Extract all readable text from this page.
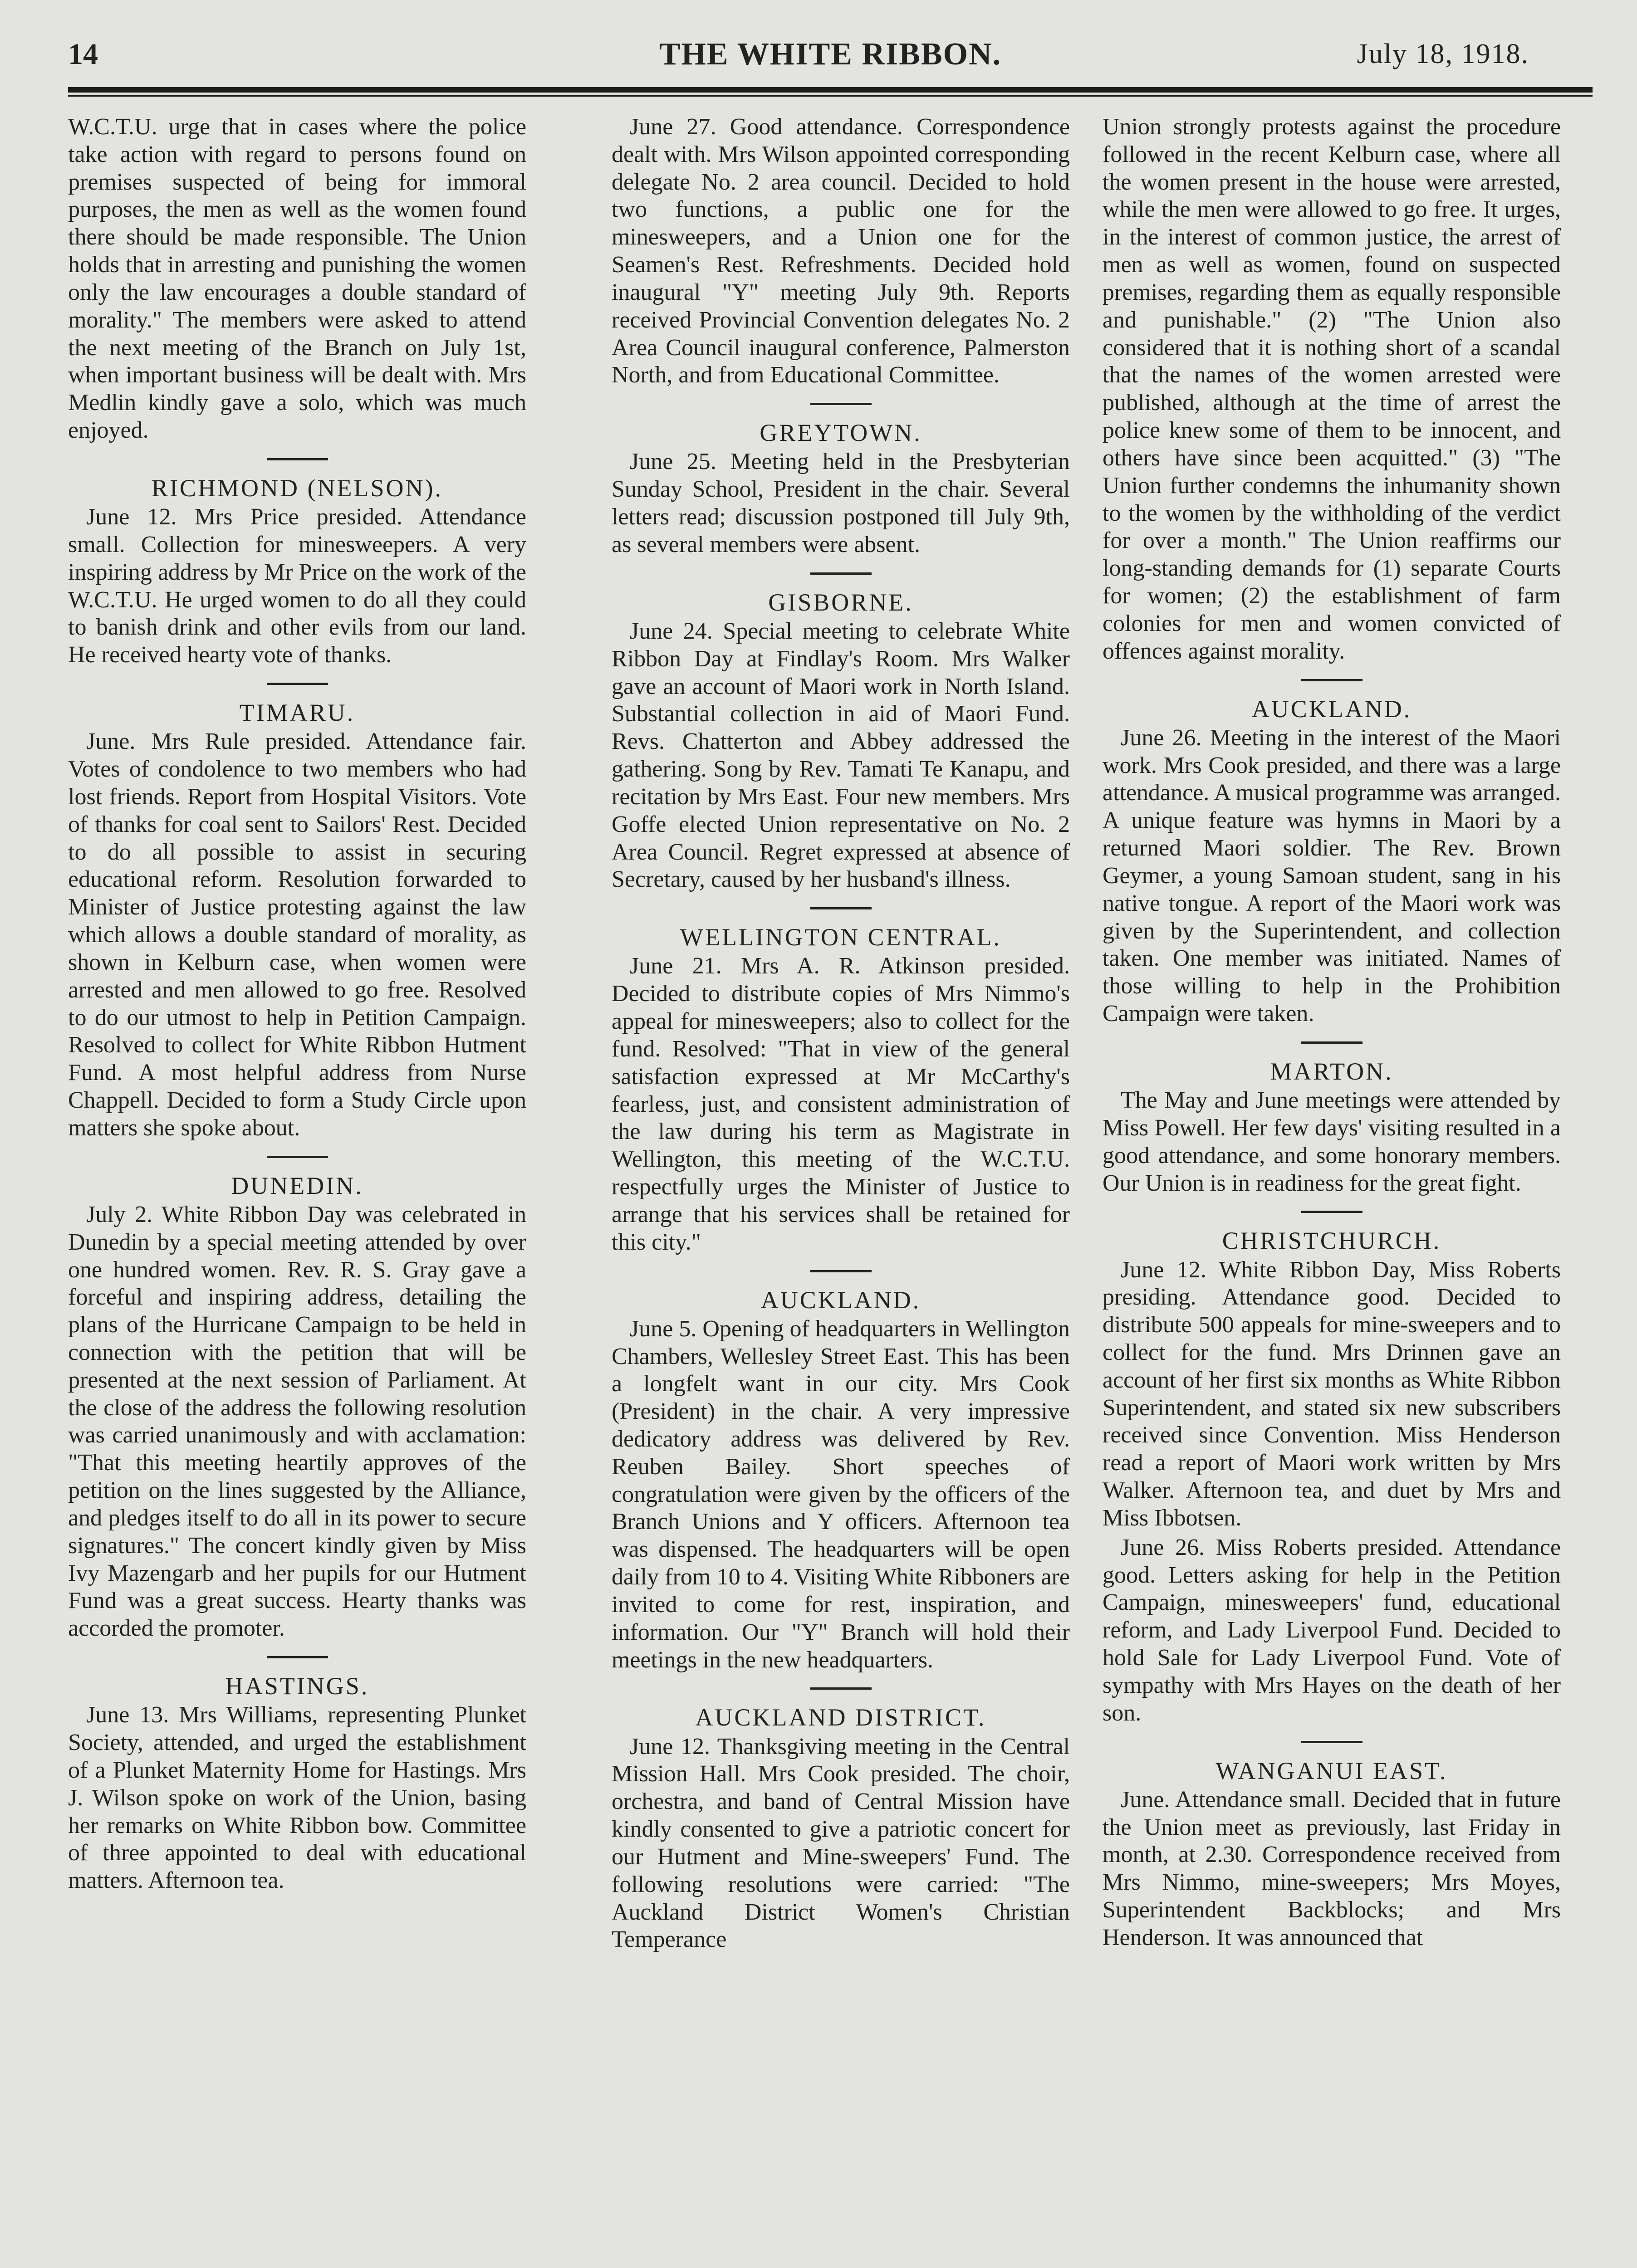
14	THE WHITE RIBBON.	July 18, 1918.

W.C.T.U. urge that in cases where the police take action with regard to persons found on premises suspected of being for immoral purposes, the men as well as the women found there should be made responsible. The Union holds that in arresting and punishing the women only the law encourages a double standard of morality." The members were asked to attend the next meeting of the Branch on July 1st, when important business will be dealt with. Mrs Medlin kindly gave a solo, which was much enjoyed.

RICHMOND (NELSON).

June 12. Mrs Price presided. Attendance small. Collection for minesweepers. A very inspiring address by Mr Price on the work of the W.C.T.U. He urged women to do all they could to banish drink and other evils from our land. He received hearty vote of thanks.

TIMARU.

June. Mrs Rule presided. Attendance fair. Votes of condolence to two members who had lost friends. Report from Hospital Visitors. Vote of thanks for coal sent to Sailors' Rest. Decided to do all possible to assist in securing educational reform. Resolution forwarded to Minister of Justice protesting against the law which allows a double standard of morality, as shown in Kelburn case, when women were arrested and men allowed to go free. Resolved to do our utmost to help in Petition Campaign. Resolved to collect for White Ribbon Hutment Fund. A most helpful address from Nurse Chappell. Decided to form a Study Circle upon matters she spoke about.

DUNEDIN.

July 2. White Ribbon Day was celebrated in Dunedin by a special meeting attended by over one hundred women. Rev. R. S. Gray gave a forceful and inspiring address, detailing the plans of the Hurricane Campaign to be held in connection with the petition that will be presented at the next session of Parliament. At the close of the address the following resolution was carried unanimously and with acclamation: "That this meeting heartily approves of the petition on the lines suggested by the Alliance, and pledges itself to do all in its power to secure signatures." The concert kindly given by Miss Ivy Mazengarb and her pupils for our Hutment Fund was a great success. Hearty thanks was accorded the promoter.

HASTINGS.

June 13. Mrs Williams, representing Plunket Society, attended, and urged the establishment of a Plunket Maternity Home for Hastings. Mrs J. Wilson spoke on work of the Union, basing her remarks on White Ribbon bow. Committee of three appointed to deal with educational matters. Afternoon tea.

June 27. Good attendance. Correspondence dealt with. Mrs Wilson appointed corresponding delegate No. 2 area council. Decided to hold two functions, a public one for the minesweepers, and a Union one for the Seamen's Rest. Refreshments. Decided hold inaugural "Y" meeting July 9th. Reports received Provincial Convention delegates No. 2 Area Council inaugural conference, Palmerston North, and from Educational Committee.

GREYTOWN.

June 25. Meeting held in the Presbyterian Sunday School, President in the chair. Several letters read; discussion postponed till July 9th, as several members were absent.

GISBORNE.

June 24. Special meeting to celebrate White Ribbon Day at Findlay's Room. Mrs Walker gave an account of Maori work in North Island. Substantial collection in aid of Maori Fund. Revs. Chatterton and Abbey addressed the gathering. Song by Rev. Tamati Te Kanapu, and recitation by Mrs East. Four new members. Mrs Goffe elected Union representative on No. 2 Area Council. Regret expressed at absence of Secretary, caused by her husband's illness.

WELLINGTON CENTRAL.

June 21. Mrs A. R. Atkinson presided. Decided to distribute copies of Mrs Nimmo's appeal for minesweepers; also to collect for the fund. Resolved: "That in view of the general satisfaction expressed at Mr McCarthy's fearless, just, and consistent administration of the law during his term as Magistrate in Wellington, this meeting of the W.C.T.U. respectfully urges the Minister of Justice to arrange that his services shall be retained for this city."

AUCKLAND.

June 5. Opening of headquarters in Wellington Chambers, Wellesley Street East. This has been a longfelt want in our city. Mrs Cook (President) in the chair. A very impressive dedicatory address was delivered by Rev. Reuben Bailey. Short speeches of congratulation were given by the officers of the Branch Unions and Y officers. Afternoon tea was dispensed. The headquarters will be open daily from 10 to 4. Visiting White Ribboners are invited to come for rest, inspiration, and information. Our "Y" Branch will hold their meetings in the new headquarters.

AUCKLAND DISTRICT.

June 12. Thanksgiving meeting in the Central Mission Hall. Mrs Cook presided. The choir, orchestra, and band of Central Mission have kindly consented to give a patriotic concert for our Hutment and Mine-sweepers' Fund. The following resolutions were carried: "The Auckland District Women's Christian Temperance

Union strongly protests against the procedure followed in the recent Kelburn case, where all the women present in the house were arrested, while the men were allowed to go free. It urges, in the interest of common justice, the arrest of men as well as women, found on suspected premises, regarding them as equally responsible and punishable." (2) "The Union also considered that it is nothing short of a scandal that the names of the women arrested were published, although at the time of arrest the police knew some of them to be innocent, and others have since been acquitted." (3) "The Union further condemns the inhumanity shown to the women by the withholding of the verdict for over a month." The Union reaffirms our long-standing demands for (1) separate Courts for women; (2) the establishment of farm colonies for men and women convicted of offences against morality.

AUCKLAND.

June 26. Meeting in the interest of the Maori work. Mrs Cook presided, and there was a large attendance. A musical programme was arranged. A unique feature was hymns in Maori by a returned Maori soldier. The Rev. Brown Geymer, a young Samoan student, sang in his native tongue. A report of the Maori work was given by the Superintendent, and collection taken. One member was initiated. Names of those willing to help in the Prohibition Campaign were taken.

MARTON.

The May and June meetings were attended by Miss Powell. Her few days' visiting resulted in a good attendance, and some honorary members. Our Union is in readiness for the great fight.

CHRISTCHURCH.

June 12. White Ribbon Day, Miss Roberts presiding. Attendance good. Decided to distribute 500 appeals for mine-sweepers and to collect for the fund. Mrs Drinnen gave an account of her first six months as White Ribbon Superintendent, and stated six new subscribers received since Convention. Miss Henderson read a report of Maori work written by Mrs Walker. Afternoon tea, and duet by Mrs and Miss Ibbotsen.

June 26. Miss Roberts presided. Attendance good. Letters asking for help in the Petition Campaign, minesweepers' fund, educational reform, and Lady Liverpool Fund. Decided to hold Sale for Lady Liverpool Fund. Vote of sympathy with Mrs Hayes on the death of her son.

WANGANUI EAST.

June. Attendance small. Decided that in future the Union meet as previously, last Friday in month, at 2.30. Correspondence received from Mrs Nimmo, mine-sweepers; Mrs Moyes, Superintendent Backblocks; and Mrs Henderson. It was announced that
